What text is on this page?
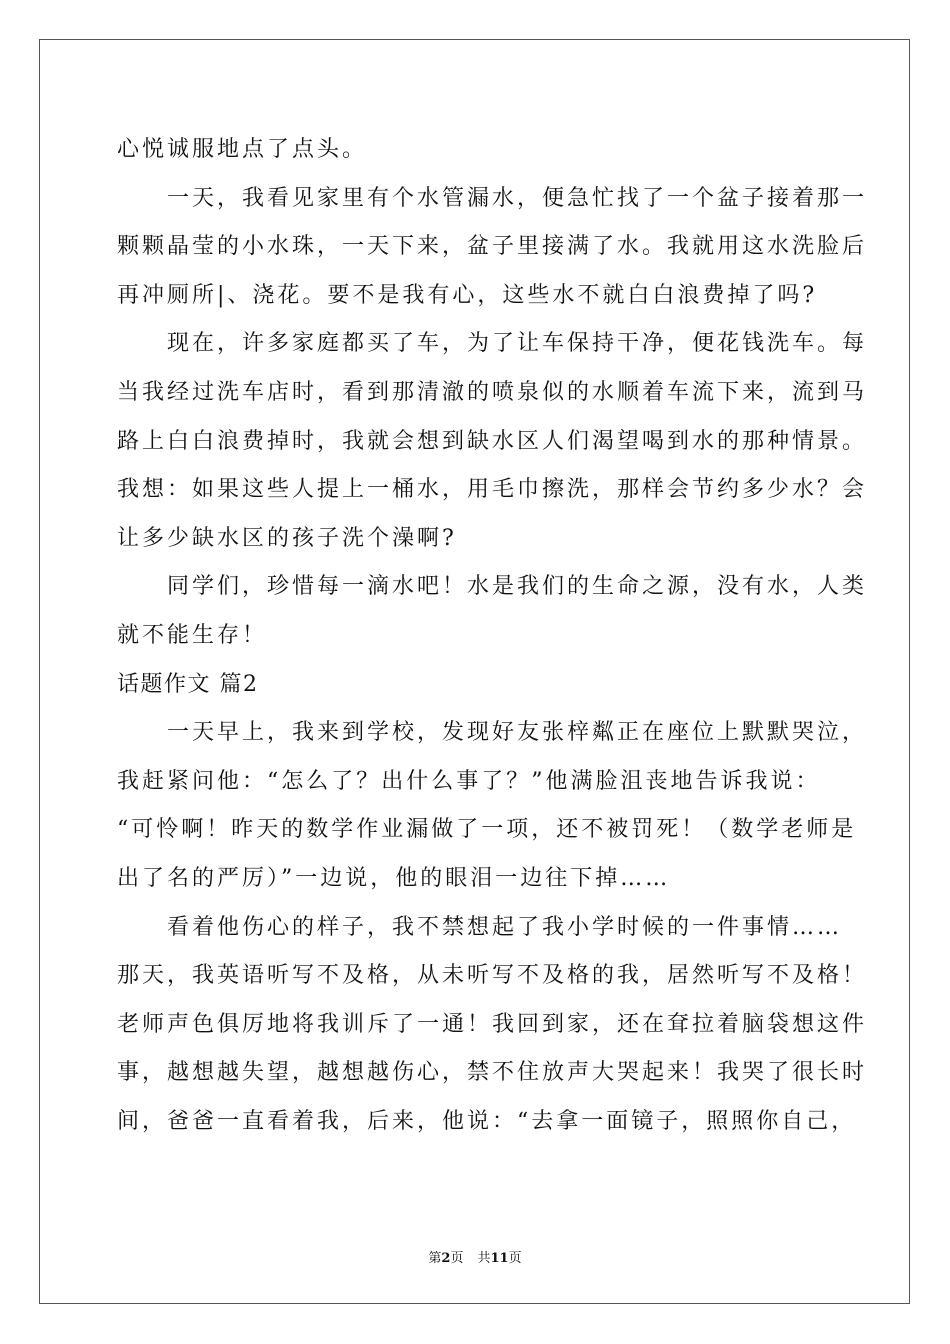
心悦诚服地点了点头。
一天，我看见家里有个水管漏水，便急忙找了一个盆子接着那一
颗颗晶莹的小水珠，一天下来，盆子里接满了水。我就用这水洗脸后
再冲厕所|、浇花。要不是我有心，这些水不就白白浪费掉了吗?
现在，许多家庭都买了车，为了让车保持干净，便花钱洗车。每
当我经过洗车店时，看到那清澈的喷泉似的水顺着车流下来，流到马
路上白白浪费掉时，我就会想到缺水区人们渴望喝到水的那种情景。
我想：如果这些人提上一桶水，用毛巾擦洗，那样会节约多少水？会
让多少缺水区的孩子洗个澡啊?
同学们，珍惜每一滴水吧！水是我们的生命之源，没有水，人类
就不能生存！
话题作文 篇2
一天早上，我来到学校，发现好友张梓粼正在座位上默默哭泣，
我赶紧问他：“怎么了？出什么事了？”他满脸沮丧地告诉我说：
“可怜啊！昨天的数学作业漏做了一项，还不被罚死！（数学老师是
出了名的严厉）”一边说，他的眼泪一边往下掉……
看着他伤心的样子，我不禁想起了我小学时候的一件事情……
那天，我英语听写不及格，从未听写不及格的我，居然听写不及格！
老师声色俱厉地将我训斥了一通！我回到家，还在耷拉着脑袋想这件
事，越想越失望，越想越伤心，禁不住放声大哭起来！我哭了很长时
间，爸爸一直看着我，后来，他说：“去拿一面镜子，照照你自己，
第2页 共11页
